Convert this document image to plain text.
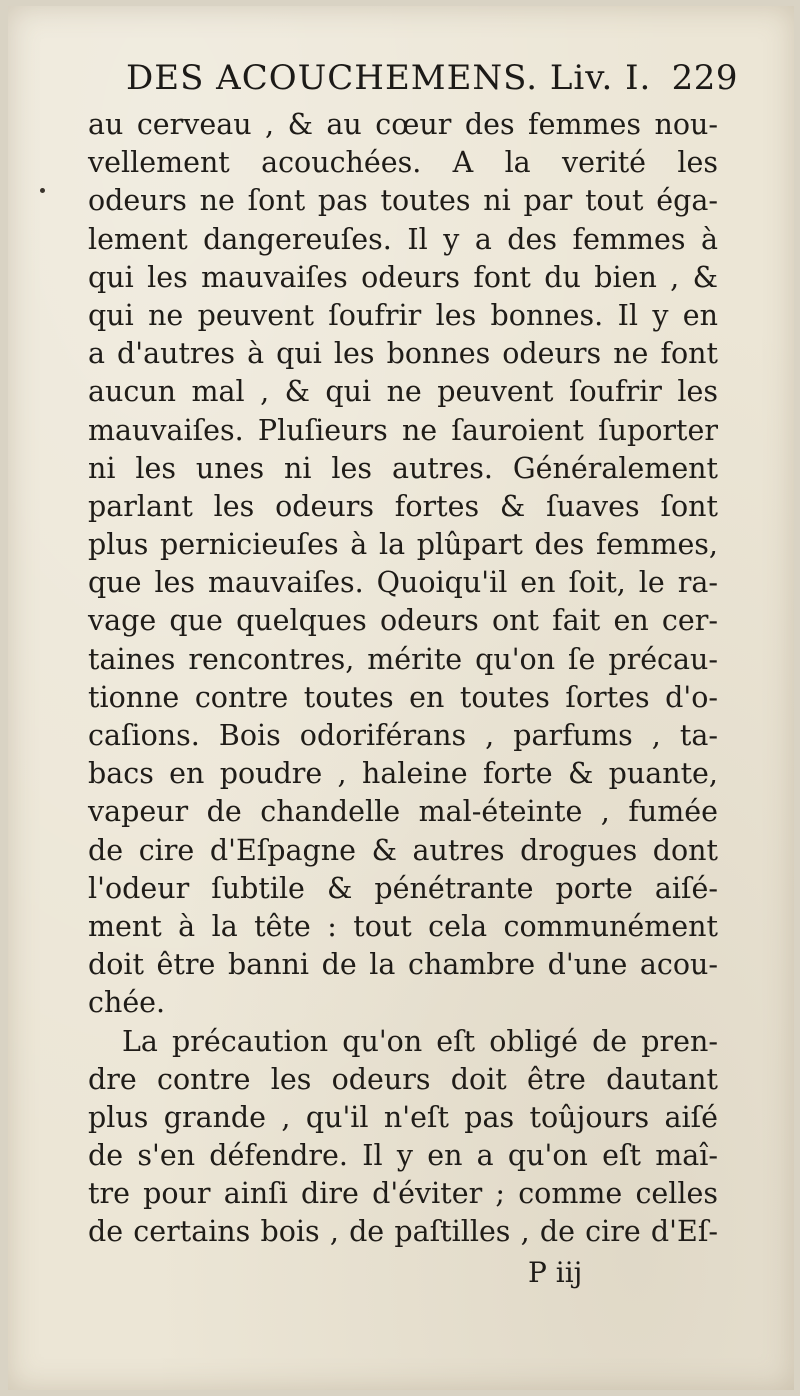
DES ACOUCHEMENS. Liv. I. 229
au cerveau , & au cœur des femmes nou-
vellement acouchées. A la verité les
odeurs ne ſont pas toutes ni par tout éga-
lement dangereuſes. Il y a des femmes à
qui les mauvaiſes odeurs font du bien , &
qui ne peuvent ſoufrir les bonnes. Il y en
a d'autres à qui les bonnes odeurs ne font
aucun mal , & qui ne peuvent ſoufrir les
mauvaiſes. Pluſieurs ne ſauroient ſuporter
ni les unes ni les autres. Généralement
parlant les odeurs fortes & ſuaves ſont
plus pernicieuſes à la plûpart des femmes,
que les mauvaiſes. Quoiqu'il en ſoit, le ra-
vage que quelques odeurs ont fait en cer-
taines rencontres, mérite qu'on ſe précau-
tionne contre toutes en toutes ſortes d'o-
caſions. Bois odoriférans , parfums , ta-
bacs en poudre , haleine forte & puante,
vapeur de chandelle mal-éteinte , fumée
de cire d'Eſpagne & autres drogues dont
l'odeur ſubtile & pénétrante porte aiſé-
ment à la tête : tout cela communément
doit être banni de la chambre d'une acou-
chée.
La précaution qu'on eſt obligé de pren-
dre contre les odeurs doit être dautant
plus grande , qu'il n'eſt pas toûjours aiſé
de s'en défendre. Il y en a qu'on eſt maî-
tre pour ainſi dire d'éviter ; comme celles
de certains bois , de paſtilles , de cire d'Eſ-
P iij
